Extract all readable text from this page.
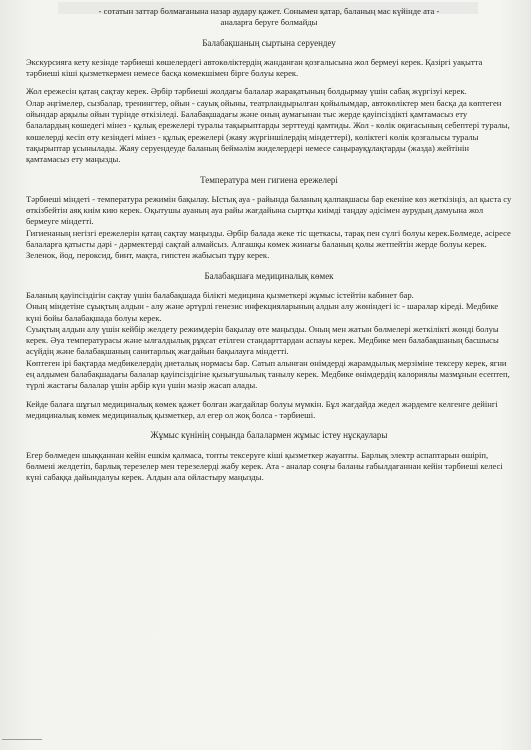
- сотатын заттар болмағанына назар аудару қажет. Сонымен қатар, баланың мас күйінде ата -

аналарға беруге болмайды

Балабақшаның сыртына серуендеу
Экскурсияға кету кезінде тәрбиеші көшелердегі автокөліктердің жанданған қозғалысына жол бермеуі керек. Қазіргі уақытта тәрбиеші кіші қызметкермен немесе басқа көмекшімен бірге болуы керек.
Жол ережесін қатаң сақтау керек. Әрбір тәрбиеші жолдағы балалар жарақатының болдырмау үшін сабақ жүргізуі керек.
Олар әңгімелер, сызбалар, тренингтер, ойын - сауық ойыны, театрландырылған қойылымдар, автокөліктер мен басқа да көптеген ойындар арқылы ойын түрінде өткізіледі. Балабақшадағы және оның аумағынан тыс жерде қауіпсіздікті қамтамасыз ету балалардың көшедегі мінез - құлық ережелері туралы тақырыптарды зерттеуді қамтиды. Жол - көлік оқиғасының себептері туралы, көшелерді кесіп өту кезіндегі мінез - құлық ережелері (жаяу жүргіншілердің міндеттері), көліктегі көлік қозғалысы туралы тақырыптар ұсынылады. Жаяу серуендеуде баланың беймәлім жиделердері немесе саңырауқұлақтарды (жазда) жейтінін қамтамасыз ету маңызды.
Температура мен гигиена ережелері
Тәрбиеші міндеті - температура режимін бақылау. Ыстық ауа - райында баланың қалпақшасы бар екеніне көз жеткізіңіз, ал қыста су өткізбейтін аяқ киім кию керек. Оқытушы ауаның ауа райы жағдайына сыртқы киімді таңдау әдісімен аурудың дамуына жол бермеуге міндетті.
Гигиенаның негізгі ережелерін қатаң сақтау маңызды. Әрбір балада жеке тіс щеткасы, тарақ пен сүлгі болуы керек.Бөлмеде, әсіресе балаларға қатысты дәрі - дәрмектерді сақтай алмайсыз. Алғашқы көмек жинағы баланың қолы жетпейтін жерде болуы керек. Зеленок, йод, пероксид, бинт, мақта, гипстен жабысып тұру керек.
Балабақшаға медициналық көмек
Баланың қауіпсіздігін сақтау үшін балабақшада білікті медицина қызметкері жұмыс істейтін кабинет бар.
Оның міндетіне сұықтың алдын - алу және әртүрлі генезис инфекцияларының алдын алу жөніндегі іс - шаралар кіреді. Медбике күні бойы балабақшада болуы керек.
Суықтың алдын алу үшін кейбір желдету режимдерін бақылау өте маңызды. Оның мен жатын бөлмелері жеткілікті жөнді болуы керек. Әуа температурасы және ылғалдылық рұқсат етілген стандарттардан аспауы керек. Медбике мен балабақшаның басшысы асүйдің және балабақшаның санитарлық жағдайын бақылауға міндетті.
Көптеген ірі бақтарда медбикелердің диеталық нормасы бар. Сатып алынған өнімдерді жарамдылық мерзіміне тексеру керек, ягни ең алдымен балабақшадағы балалар қауіпсіздігіне қызығушылық танылу керек. Медбике өнімдердің калориялы мазмұнын есептеп, түрлі жастағы балалар үшін әрбір күн үшін мәзір жасап алады.
Кейде балаға шұғыл медициналық көмек қажет болған жағдайлар болуы мүмкін. Бұл жағдайда жедел жәрдемге келгенге дейінгі медициналық көмек медициналық қызметкер, ал егер ол жоқ болса - тәрбиеші.
Жұмыс күнінің соңында балалармен жұмыс істеу нұсқаулары
Егер бөлмеден шыққаннан кейін ешкім қалмаса, топты тексеруге кіші қызметкер жауапты. Барлық электр аспаптарын өшіріп, бөлмені желдетіп, барлық терезелер мен терезелерді жабу керек. Ата - аналар соңғы баланы ғабылдағаннан кейін тәрбиеші келесі күні сабаққа дайындалуы керек. Алдын ала ойластыру маңызды.
